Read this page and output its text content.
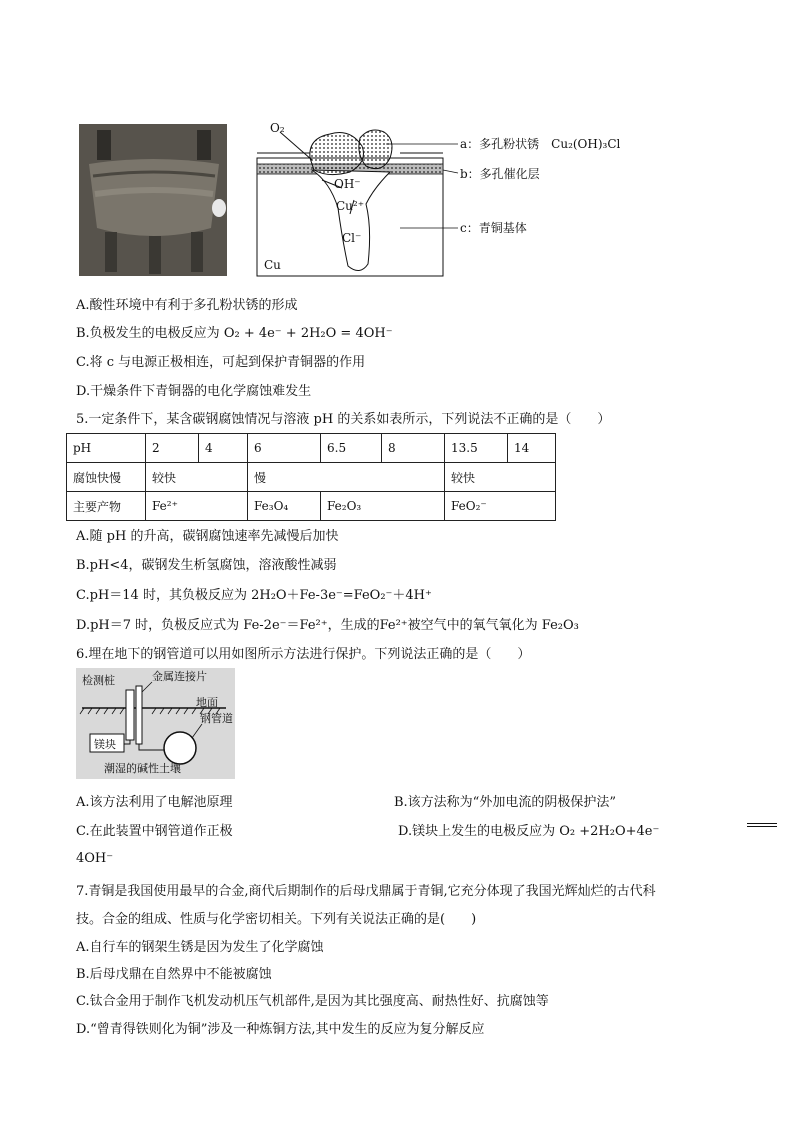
O₂
OH⁻
Cu²⁺
Cl⁻
Cu
a：多孔粉状锈　Cu₂(OH)₃Cl
b：多孔催化层
c：青铜基体
A.酸性环境中有利于多孔粉状锈的形成
B.负极发生的电极反应为 O₂ + 4e⁻ + 2H₂O = 4OH⁻
C.将 c 与电源正极相连，可起到保护青铜器的作用
D.干燥条件下青铜器的电化学腐蚀难发生
5.一定条件下，某含碳钢腐蚀情况与溶液 pH 的关系如表所示，下列说法不正确的是（　　）
pH	2	4	6	6.5	8	13.5	14
腐蚀快慢	较快		慢			较快	
主要产物	Fe²⁺		Fe₃O₄	Fe₂O₃		FeO₂⁻	
A.随 pH 的升高，碳钢腐蚀速率先减慢后加快
B.pH<4，碳钢发生析氢腐蚀，溶液酸性减弱
C.pH＝14 时，其负极反应为 2H₂O＋Fe-3e⁻=FeO₂⁻＋4H⁺
D.pH＝7 时，负极反应式为 Fe-2e⁻＝Fe²⁺，生成的Fe²⁺被空气中的氧气氧化为 Fe₂O₃
6.埋在地下的钢管道可以用如图所示方法进行保护。下列说法正确的是（　　）
检测桩	金属连接片
地面
钢管道
镁块
潮湿的碱性土壤
A.该方法利用了电解池原理	B.该方法称为“外加电流的阴极保护法”
C.在此装置中钢管道作正极	D.镁块上发生的电极反应为 O₂ +2H₂O+4e⁻
4OH⁻
7.青铜是我国使用最早的合金,商代后期制作的后母戊鼎属于青铜,它充分体现了我国光辉灿烂的古代科
技。合金的组成、性质与化学密切相关。下列有关说法正确的是(　　)
A.自行车的钢架生锈是因为发生了化学腐蚀
B.后母戊鼎在自然界中不能被腐蚀
C.钛合金用于制作飞机发动机压气机部件,是因为其比强度高、耐热性好、抗腐蚀等
D.“曾青得铁则化为铜”涉及一种炼铜方法,其中发生的反应为复分解反应
